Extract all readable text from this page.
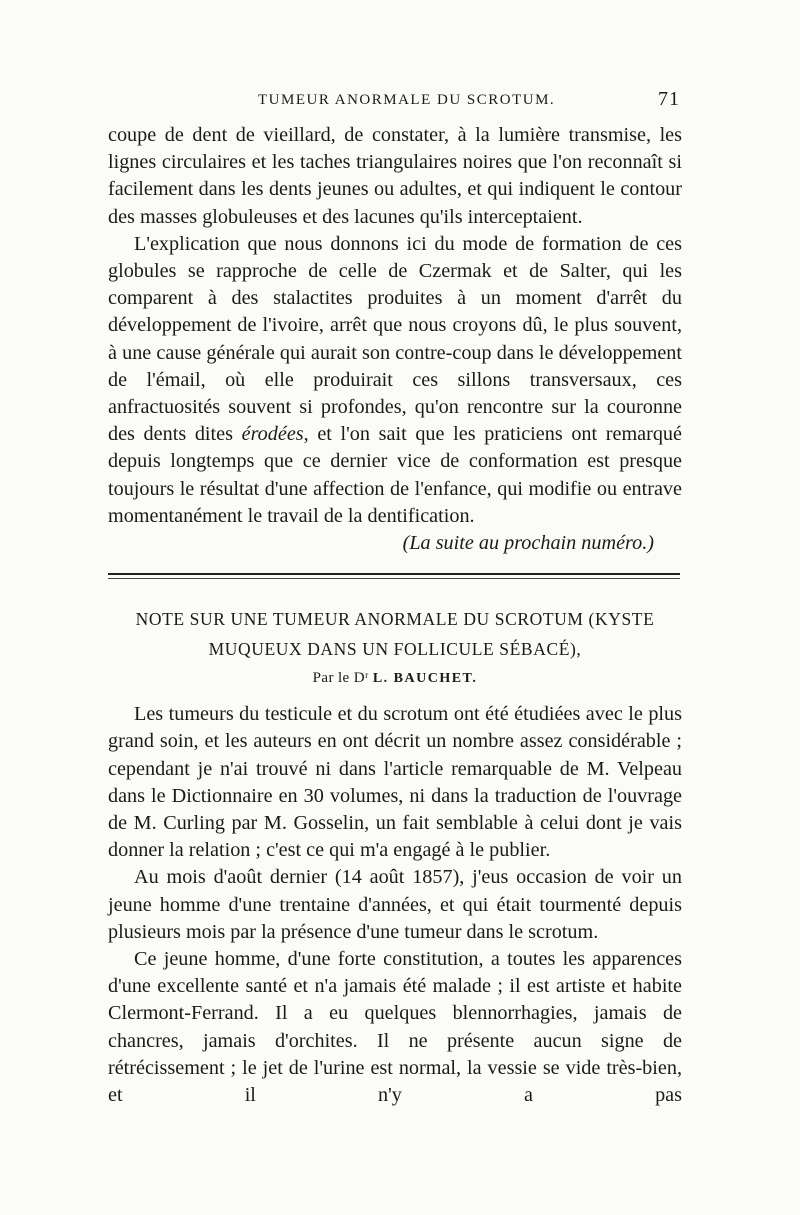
TUMEUR ANORMALE DU SCROTUM.	71

coupe de dent de vieillard, de constater, à la lumière transmise, les lignes circulaires et les taches triangulaires noires que l'on reconnaît si facilement dans les dents jeunes ou adultes, et qui indiquent le contour des masses globuleuses et des lacunes qu'ils interceptaient.

L'explication que nous donnons ici du mode de formation de ces globules se rapproche de celle de Czermak et de Salter, qui les comparent à des stalactites produites à un moment d'arrêt du développement de l'ivoire, arrêt que nous croyons dû, le plus souvent, à une cause générale qui aurait son contre-coup dans le développement de l'émail, où elle produirait ces sillons transversaux, ces anfractuosités souvent si profondes, qu'on rencontre sur la couronne des dents dites érodées, et l'on sait que les praticiens ont remarqué depuis longtemps que ce dernier vice de conformation est presque toujours le résultat d'une affection de l'enfance, qui modifie ou entrave momentanément le travail de la dentification.

(La suite au prochain numéro.)

NOTE SUR UNE TUMEUR ANORMALE DU SCROTUM (KYSTE MUQUEUX DANS UN FOLLICULE SÉBACÉ),
Par le Dʳ L. BAUCHET.

Les tumeurs du testicule et du scrotum ont été étudiées avec le plus grand soin, et les auteurs en ont décrit un nombre assez considérable ; cependant je n'ai trouvé ni dans l'article remarquable de M. Velpeau dans le Dictionnaire en 30 volumes, ni dans la traduction de l'ouvrage de M. Curling par M. Gosselin, un fait semblable à celui dont je vais donner la relation ; c'est ce qui m'a engagé à le publier.

Au mois d'août dernier (14 août 1857), j'eus occasion de voir un jeune homme d'une trentaine d'années, et qui était tourmenté depuis plusieurs mois par la présence d'une tumeur dans le scrotum.

Ce jeune homme, d'une forte constitution, a toutes les apparences d'une excellente santé et n'a jamais été malade ; il est artiste et habite Clermont-Ferrand. Il a eu quelques blennorrhagies, jamais de chancres, jamais d'orchites. Il ne présente aucun signe de rétrécissement ; le jet de l'urine est normal, la vessie se vide très-bien, et il n'y a pas
